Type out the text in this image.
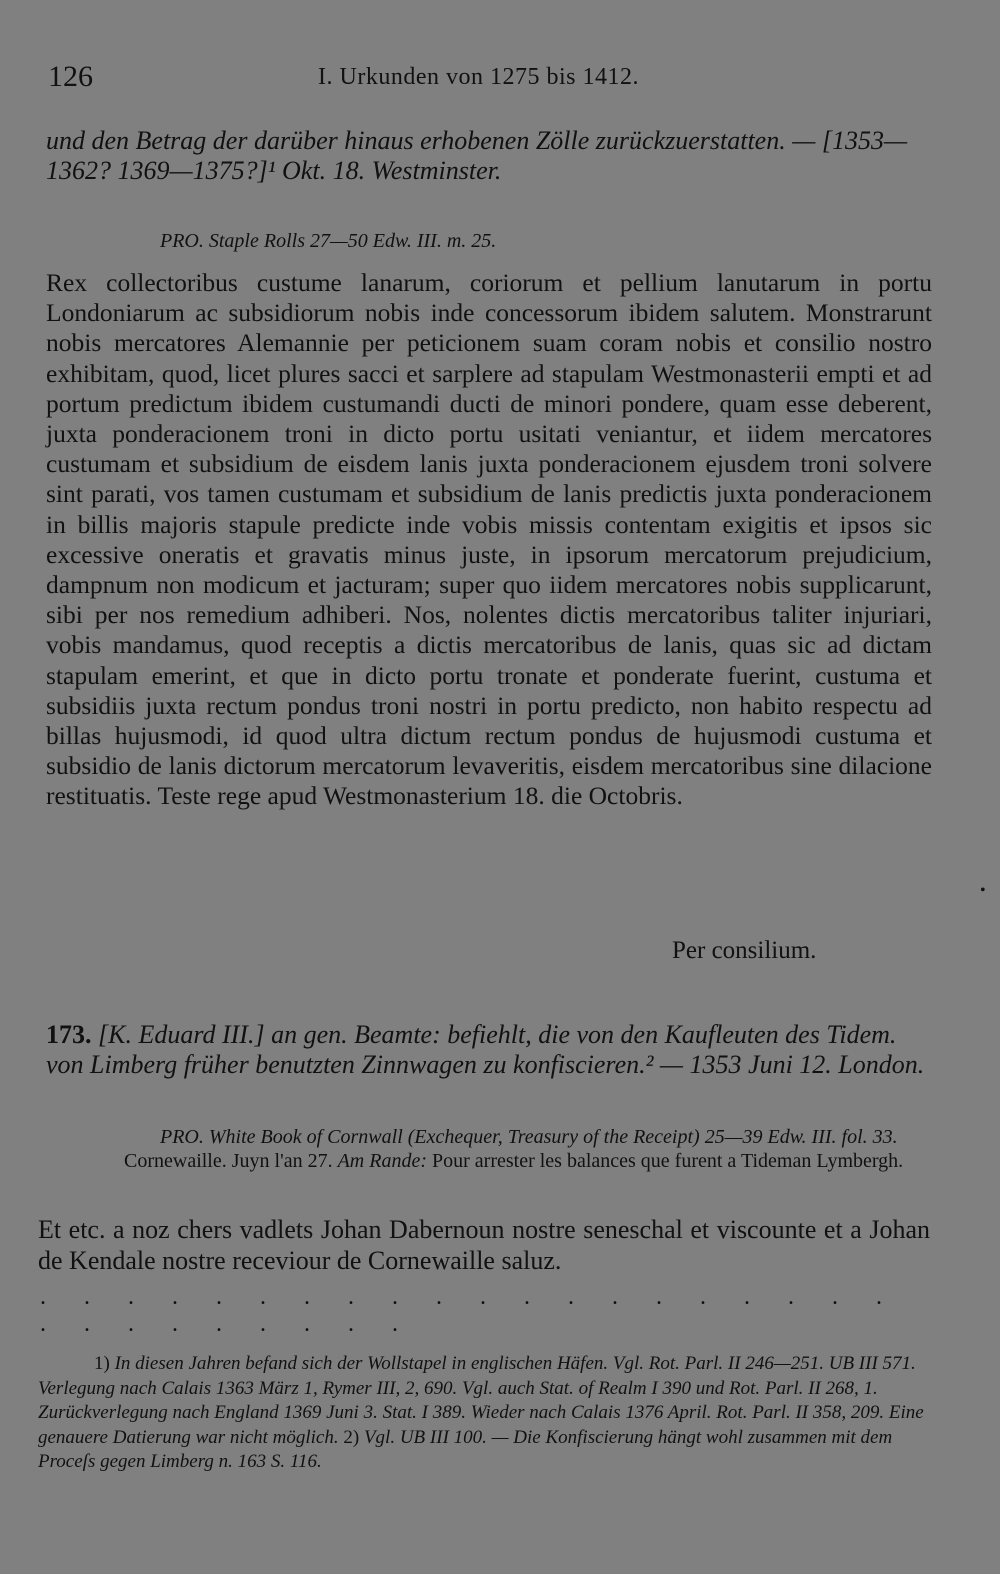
126	I. Urkunden von 1275 bis 1412.
und den Betrag der darüber hinaus erhobenen Zölle zurückzuerstatten. — [1353—1362? 1369—1375?]¹ Okt. 18. Westminster.
PRO. Staple Rolls 27—50 Edw. III. m. 25.
Rex collectoribus custume lanarum, coriorum et pellium lanutarum in portu Londoniarum ac subsidiorum nobis inde concessorum ibidem salutem. Monstrarunt nobis mercatores Alemannie per peticionem suam coram nobis et consilio nostro exhibitam, quod, licet plures sacci et sarplere ad stapulam Westmonasterii empti et ad portum predictum ibidem custumandi ducti de minori pondere, quam esse deberent, juxta ponderacionem troni in dicto portu usitati veniantur, et iidem mercatores custumam et subsidium de eisdem lanis juxta ponderacionem ejusdem troni solvere sint parati, vos tamen custumam et subsidium de lanis predictis juxta ponderacionem in billis majoris stapule predicte inde vobis missis contentam exigitis et ipsos sic excessive oneratis et gravatis minus juste, in ipsorum mercatorum prejudicium, dampnum non modicum et jacturam; super quo iidem mercatores nobis supplicarunt, sibi per nos remedium adhiberi. Nos, nolentes dictis mercatoribus taliter injuriari, vobis mandamus, quod receptis a dictis mercatoribus de lanis, quas sic ad dictam stapulam emerint, et que in dicto portu tronate et ponderate fuerint, custuma et subsidiis juxta rectum pondus troni nostri in portu predicto, non habito respectu ad billas hujusmodi, id quod ultra dictum rectum pondus de hujusmodi custuma et subsidio de lanis dictorum mercatorum levaveritis, eisdem mercatoribus sine dilacione restituatis. Teste rege apud Westmonasterium 18. die Octobris.
Per consilium.
173. [K. Eduard III.] an gen. Beamte: befiehlt, die von den Kaufleuten des Tidem. von Limberg früher benutzten Zinnwagen zu konfiscieren.² — 1353 Juni 12. London.
PRO. White Book of Cornwall (Exchequer, Treasury of the Receipt) 25—39 Edw. III. fol. 33. Cornewaille. Juyn l'an 27. Am Rande: Pour arrester les balances que furent a Tideman Lymbergh.
Et etc. a noz chers vadlets Johan Dabernoun nostre seneschal et viscounte et a Johan de Kendale nostre receviour de Cornewaille saluz.
. . . . . . . . . . . . . . . . . . . . . . . . . . . . .
1) In diesen Jahren befand sich der Wollstapel in englischen Häfen. Vgl. Rot. Parl. II 246—251. UB III 571. Verlegung nach Calais 1363 März 1, Rymer III, 2, 690. Vgl. auch Stat. of Realm I 390 und Rot. Parl. II 268, 1. Zurückverlegung nach England 1369 Juni 3. Stat. I 389. Wieder nach Calais 1376 April. Rot. Parl. II 358, 209. Eine genauere Datierung war nicht möglich. 2) Vgl. UB III 100. — Die Konfiscierung hängt wohl zusammen mit dem Proceſs gegen Limberg n. 163 S. 116.
•
